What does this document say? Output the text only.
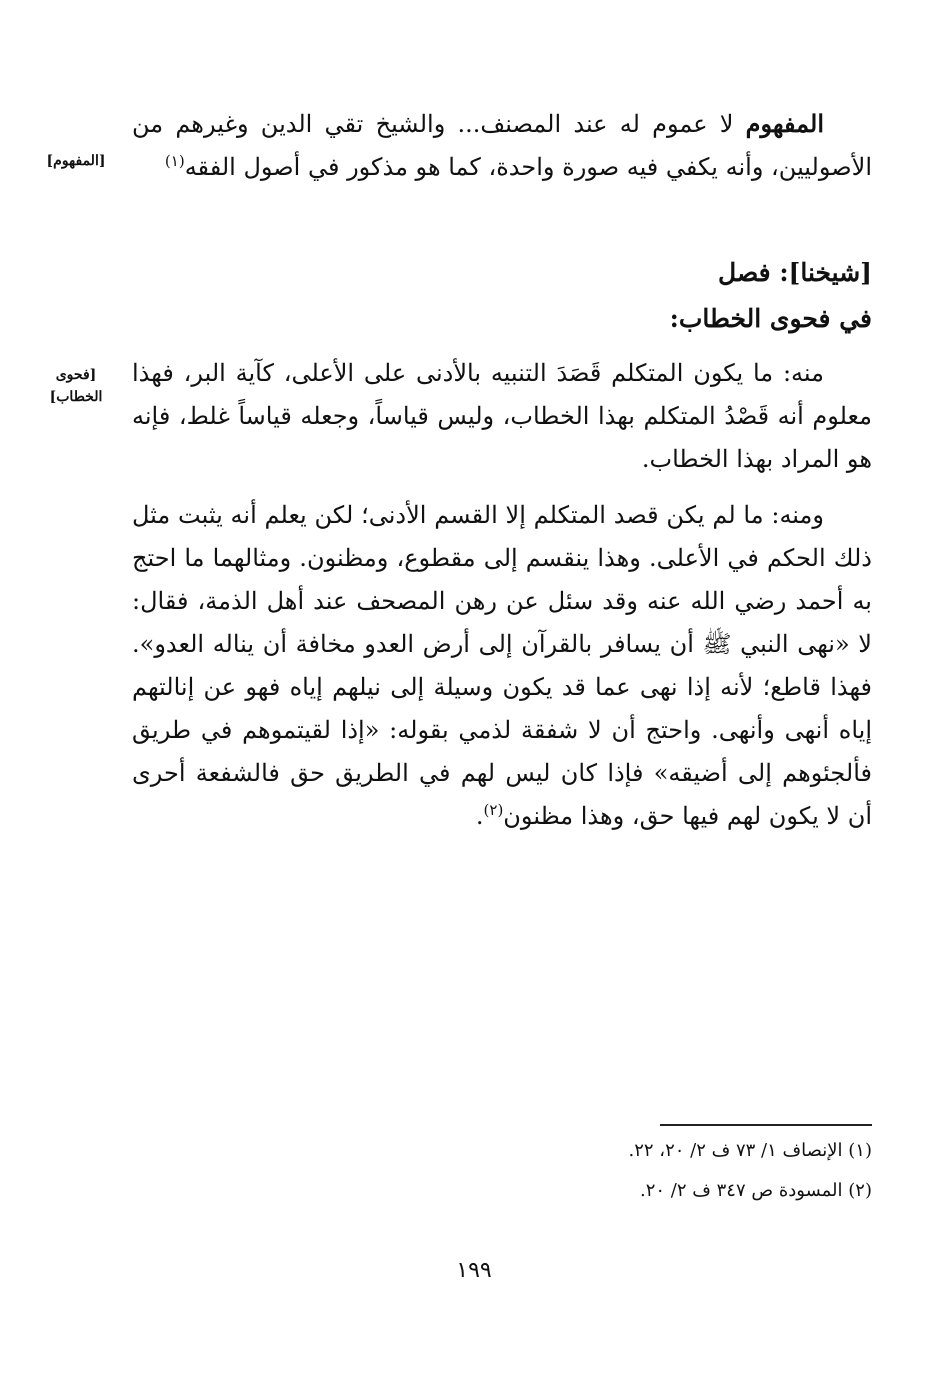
المفهوم لا عموم له عند المصنف... والشيخ تقي الدين وغيرهم من الأصوليين، وأنه يكفي فيه صورة واحدة، كما هو مذكور في أصول الفقه$^{(١)}$

[المفهوم]
[شيخنا]: فصل
في فحوى الخطاب:

منه: ما يكون المتكلم قَصَدَ التنبيه بالأدنى على الأعلى، كآية البر، فهذا معلوم أنه قَصْدُ المتكلم بهذا الخطاب، وليس قياساً، وجعله قياساً غلط، فإنه هو المراد بهذا الخطاب.

[فحوى الخطاب]

ومنه: ما لم يكن قصد المتكلم إلا القسم الأدنى؛ لكن يعلم أنه يثبت مثل ذلك الحكم في الأعلى. وهذا ينقسم إلى مقطوع، ومظنون. ومثالهما ما احتج به أحمد رضي الله عنه وقد سئل عن رهن المصحف عند أهل الذمة، فقال: لا «نهى النبي ﷺ أن يسافر بالقرآن إلى أرض العدو مخافة أن يناله العدو». فهذا قاطع؛ لأنه إذا نهى عما قد يكون وسيلة إلى نيلهم إياه فهو عن إنالتهم إياه أنهى وأنهى. واحتج أن لا شفقة لذمي بقوله: «إذا لقيتموهم في طريق فألجئوهم إلى أضيقه» فإذا كان ليس لهم في الطريق حق فالشفعة أحرى أن لا يكون لهم فيها حق، وهذا مظنون$^{(٢)}$.

(١) الإنصاف ١/ ٧٣ ف ٢/ ٢٠، ٢٢.
(٢) المسودة ص ٣٤٧ ف ٢/ ٢٠.
١٩٩
